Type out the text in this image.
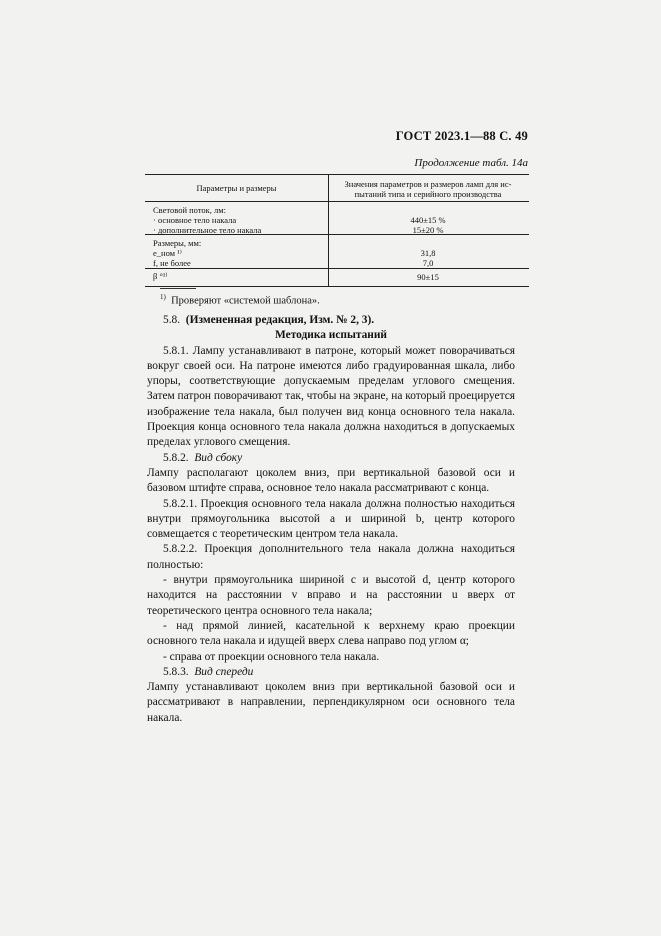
ГОСТ 2023.1—88 С. 49
Продолжение табл. 14а
Параметры и размеры	Значения параметров и размеров ламп для ис-
пытаний типа и серийного производства
Световой поток, лм:
· основное тело накала
· дополнительное тело накала

440±15 %
15±20 %
Размеры, мм:
e_ном ¹⁾
f, не более

31,8
7,0
β °¹⁾	90±15
$^{1)}$ Проверяют «системой шаблона».

5.8. (Измененная редакция, Изм. № 2, 3).

Методика испытаний

5.8.1. Лампу устанавливают в патроне, который может поворачиваться вокруг своей оси. На патроне имеются либо градуированная шкала, либо упоры, соответствующие допускаемым пределам углового смещения. Затем патрон поворачивают так, чтобы на экране, на который проецируется изображение тела накала, был получен вид конца основного тела накала. Проекция конца основного тела накала должна находиться в допускаемых пределах углового смещения.

5.8.2. Вид сбоку

Лампу располагают цоколем вниз, при вертикальной базовой оси и базовом штифте справа, основное тело накала рассматривают с конца.

5.8.2.1. Проекция основного тела накала должна полностью находиться внутри прямоугольника высотой a и шириной b, центр которого совмещается с теоретическим центром тела накала.

5.8.2.2. Проекция дополнительного тела накала должна находиться полностью:

- внутри прямоугольника шириной c и высотой d, центр которого находится на расстоянии v вправо и на расстоянии u вверх от теоретического центра основного тела накала;

- над прямой линией, касательной к верхнему краю проекции основного тела накала и идущей вверх слева направо под углом α;

- справа от проекции основного тела накала.

5.8.3. Вид спереди

Лампу устанавливают цоколем вниз при вертикальной базовой оси и рассматривают в направлении, перпендикулярном оси основного тела накала.
